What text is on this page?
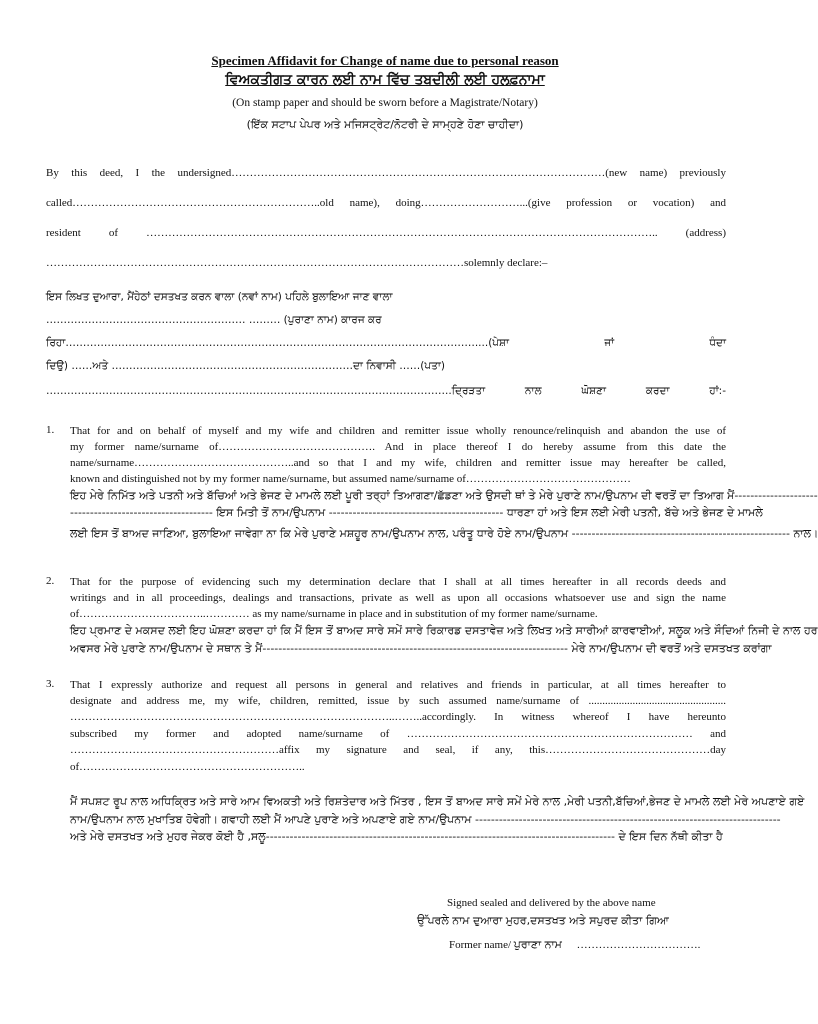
Specimen Affidavit for Change of name due to personal reason
ਵਿਅਕਤੀਗਤ ਕਾਰਨ ਲਈ ਨਾਮ ਵਿੱਚ ਤਬਦੀਲੀ ਲਈ ਹਲਫ਼ਨਾਮਾ
(On stamp paper and should be sworn before a Magistrate/Notary)
(ਇੱਕ ਸਟਾਪ ਪੇਪਰ ਅਤੇ ਮਜਿਸਟ੍ਰੇਟ/ਨੋਟਰੀ ਦੇ ਸਾਮ੍ਹਣੇ ਹੋਣਾ ਚਾਹੀਦਾ)
By this deed, I the undersigned…………………………………………………………………………………………(new name) previously
called…………………………………………………………..old name), doing………………………...(give profession or vocation) and
resident of ………………………………………………………………………………………………………………………….. (address)
……………………………………………………………………………………………………solemnly declare:–
ਇਸ ਲਿਖਤ ਦੁਆਰਾ, ਮੈਂਹੇਠਾਂ ਦਸਤਖਤ ਕਰਨ ਵਾਲਾ (ਨਵਾਂ ਨਾਮ) ਪਹਿਲੇ ਬੁਲਾਇਆ ਜਾਣ ਵਾਲਾ
………………………………………………… ……… (ਪੁਰਾਣਾ ਨਾਮ) ਕਾਰਜ ਕਰ
ਰਿਹਾ………………………………………………………………………………………………………....(ਪੇਸ਼ਾ ਜਾਂ ਧੰਦਾ
ਦਿਉ) ……ਅਤੇ ……………………………………………………………ਦਾ ਨਿਵਾਸੀ ……(ਪਤਾ)
……………………………………………………………………………………………………..ਦ੍ਰਿੜਤਾ ਨਾਲ ਘੋਸ਼ਣਾ ਕਰਦਾ ਹਾਂ:-
1. That for and on behalf of myself and my wife and children and remitter issue wholly renounce/relinquish and abandon the use of
my former name/surname of……………………………………. And in place thereof I do hereby assume from this date the
name/surname……………………………………..and so that I and my wife, children and remitter issue may hereafter be called,
known and distinguished not by my former name/surname, but assumed name/surname of………………………………………
ਇਹ ਮੇਰੇ ਨਿਮਿੱਤ ਅਤੇ ਪਤਨੀ ਅਤੇ ਬੱਚਿਆਂ ਅਤੇ ਭੇਜਣ ਦੇ ਮਾਮਲੇ ਲਈ ਪੂਰੀ ਤਰ੍ਹਾਂ ਤਿਆਗਣਾ/ਛੱਡਣਾ ਅਤੇ ਉਸਦੀ ਥਾਂ ਤੇ ਮੇਰੇ ਪੁਰਾਣੇ ਨਾਮ/ਉਪਨਾਮ ਦੀ ਵਰਤੋਂ ਦਾ ਤਿਆਗ ਮੈਂ---------------------
------------------------------------ ਇਸ ਮਿਤੀ ਤੋਂ ਨਾਮ/ਉਪਨਾਮ -------------------------------------------- ਧਾਰਣਾ ਹਾਂ ਅਤੇ ਇਸ ਲਈ ਮੇਰੀ ਪਤਨੀ, ਬੱਚੇ ਅਤੇ ਭੇਜਣ ਦੇ ਮਾਮਲੇ
ਲਈ ਇਸ ਤੋਂ ਬਾਅਦ ਜਾਣਿਆ, ਬੁਲਾਇਆ ਜਾਵੇਗਾ ਨਾ ਕਿ ਮੇਰੇ ਪੁਰਾਣੇ ਮਸ਼ਹੂਰ ਨਾਮ/ਉਪਨਾਮ ਨਾਲ, ਪਰੰਤੂ ਧਾਰੇ ਹੋਏ ਨਾਮ/ਉਪਨਾਮ ------------------------------------------------------- ਨਾਲ।
2. That for the purpose of evidencing such my determination declare that I shall at all times hereafter in all records deeds and
writings and in all proceedings, dealings and transactions, private as well as upon all occasions whatsoever use and sign the name
of……………………………..………… as my name/surname in place and in substitution of my former name/surname.
ਇਹ ਪ੍ਰਮਾਣ ਦੇ ਮਕਸਦ ਲਈ ਇਹ ਘੋਸ਼ਣਾ ਕਰਦਾ ਹਾਂ ਕਿ ਮੈਂ ਇਸ ਤੋਂ ਬਾਅਦ ਸਾਰੇ ਸਮੇਂ ਸਾਰੇ ਰਿਕਾਰਡ ਦਸਤਾਵੇਜ਼ ਅਤੇ ਲਿਖਤ ਅਤੇ ਸਾਰੀਆਂ ਕਾਰਵਾਈਆਂ, ਸਲੂਕ ਅਤੇ ਸੌਦਿਆਂ ਨਿਜੀ ਦੇ ਨਾਲ ਹਰ
ਅਵਸਰ ਮੇਰੇ ਪੁਰਾਣੇ ਨਾਮ/ਉਪਨਾਮ ਦੇ ਸਥਾਨ ਤੇ ਮੈਂ----------------------------------------------------------------------------- ਮੇਰੇ ਨਾਮ/ਉਪਨਾਮ ਦੀ ਵਰਤੋਂ ਅਤੇ ਦਸਤਖਤ ਕਰਾਂਗਾ
3. That I expressly authorize and request all persons in general and relatives and friends in particular, at all times hereafter to
designate and address me, my wife, children, remitted, issue by such assumed name/surname of ..................................................
……………………………………………………………………………..……..accordingly. In witness whereof I have hereunto
subscribed my former and adopted name/surname of …………………………………………………………………… and
…………………………………………………affix my signature and seal, if any, this………………………………………day
of……………………………………………………..
ਮੈਂ ਸਪਸ਼ਟ ਰੂਪ ਨਾਲ ਅਧਿਕ੍ਰਿਤ ਅਤੇ ਸਾਰੇ ਆਮ ਵਿਅਕਤੀ ਅਤੇ ਰਿਸ਼ਤੇਦਾਰ ਅਤੇ ਮਿੱਤਰ , ਇਸ ਤੋਂ ਬਾਅਦ ਸਾਰੇ ਸਮੇਂ ਮੇਰੇ ਨਾਲ ,ਮੇਰੀ ਪਤਨੀ,ਬੱਚਿਆਂ,ਭੇਜਣ ਦੇ ਮਾਮਲੇ ਲਈ ਮੇਰੇ ਅਪਣਾਏ ਗਏ
ਨਾਮ/ਉਪਨਾਮ ਨਾਲ ਮੁਖਾਤਿਬ ਹੋਵੇਗੀ। ਗਵਾਹੀ ਲਈ ਮੈਂ ਆਪਣੇ ਪੁਰਾਣੇ ਅਤੇ ਅਪਣਾਏ ਗਏ ਨਾਮ/ਉਪਨਾਮ -----------------------------------------------------------------------------
ਅਤੇ ਮੇਰੇ ਦਸਤਖਤ ਅਤੇ ਮੁਹਰ ਜੇਕਰ ਕੋਈ ਹੈ ,ਸਲੂ---------------------------------------------------------------------------------------- ਦੇ ਇਸ ਦਿਨ ਨੱਥੀ ਕੀਤਾ ਹੈ
Signed sealed and delivered by the above name
ਉੱਪਰਲੇ ਨਾਮ ਦੁਆਰਾ ਮੁਹਰ,ਦਸਤਖਤ ਅਤੇ ਸਪੁਰਦ ਕੀਤਾ ਗਿਆ
Former name/ ਪੁਰਾਣਾ ਨਾਮ …………………………….
